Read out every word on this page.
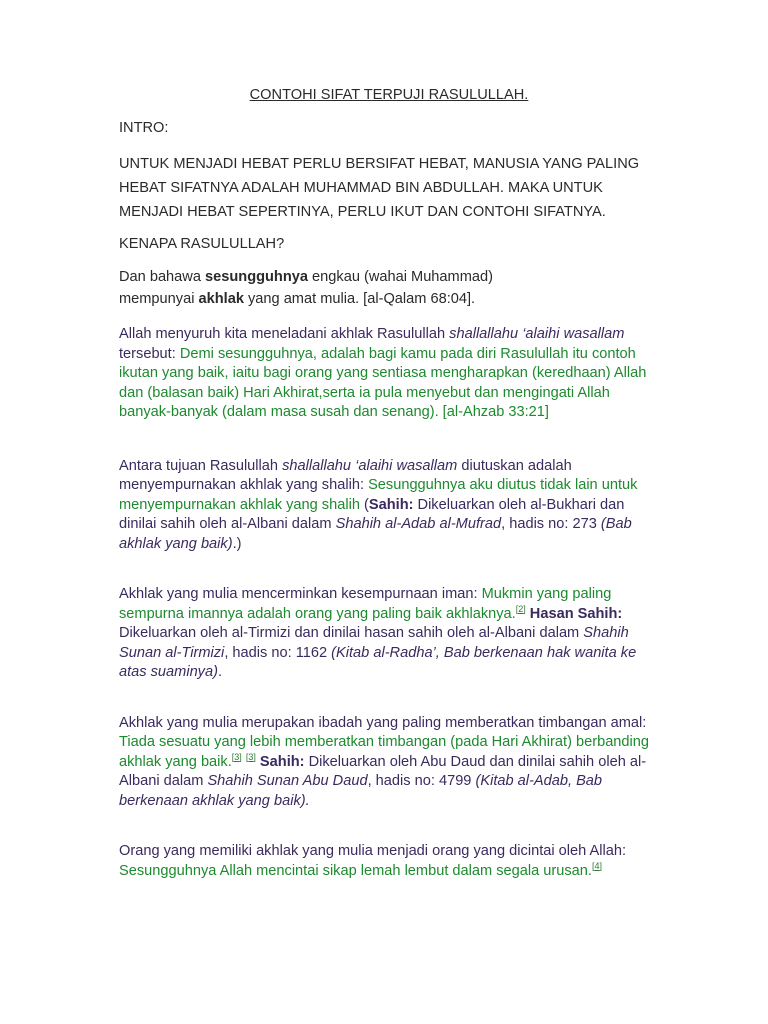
CONTOHI SIFAT TERPUJI RASULULLAH.

INTRO:

UNTUK MENJADI HEBAT PERLU BERSIFAT HEBAT, MANUSIA YANG PALING HEBAT SIFATNYA ADALAH MUHAMMAD BIN ABDULLAH. MAKA UNTUK MENJADI HEBAT SEPERTINYA, PERLU IKUT DAN CONTOHI SIFATNYA.

KENAPA RASULULLAH?

Dan bahawa sesungguhnya engkau (wahai Muhammad) mempunyai akhlak yang amat mulia. [al-Qalam 68:04].

Allah menyuruh kita meneladani akhlak Rasulullah shallallahu ‘alaihi wasallam tersebut: Demi sesungguhnya, adalah bagi kamu pada diri Rasulullah itu contoh ikutan yang baik, iaitu bagi orang yang sentiasa mengharapkan (keredhaan) Allah dan (balasan baik) Hari Akhirat,serta ia pula menyebut dan mengingati Allah banyak-banyak (dalam masa susah dan senang). [al-Ahzab 33:21]

Antara tujuan Rasulullah shallallahu ‘alaihi wasallam diutuskan adalah menyempurnakan akhlak yang shalih: Sesungguhnya aku diutus tidak lain untuk menyempurnakan akhlak yang shalih (Sahih: Dikeluarkan oleh al-Bukhari dan dinilai sahih oleh al-Albani dalam Shahih al-Adab al-Mufrad, hadis no: 273 (Bab akhlak yang baik).)

Akhlak yang mulia mencerminkan kesempurnaan iman: Mukmin yang paling sempurna imannya adalah orang yang paling baik akhlaknya.[2] Hasan Sahih: Dikeluarkan oleh al-Tirmizi dan dinilai hasan sahih oleh al-Albani dalam Shahih Sunan al-Tirmizi, hadis no: 1162 (Kitab al-Radha’, Bab berkenaan hak wanita ke atas suaminya).

Akhlak yang mulia merupakan ibadah yang paling memberatkan timbangan amal: Tiada sesuatu yang lebih memberatkan timbangan (pada Hari Akhirat) berbanding akhlak yang baik.[3] [3] Sahih: Dikeluarkan oleh Abu Daud dan dinilai sahih oleh al-Albani dalam Shahih Sunan Abu Daud, hadis no: 4799 (Kitab al-Adab, Bab berkenaan akhlak yang baik).

Orang yang memiliki akhlak yang mulia menjadi orang yang dicintai oleh Allah: Sesungguhnya Allah mencintai sikap lemah lembut dalam segala urusan.[4]
